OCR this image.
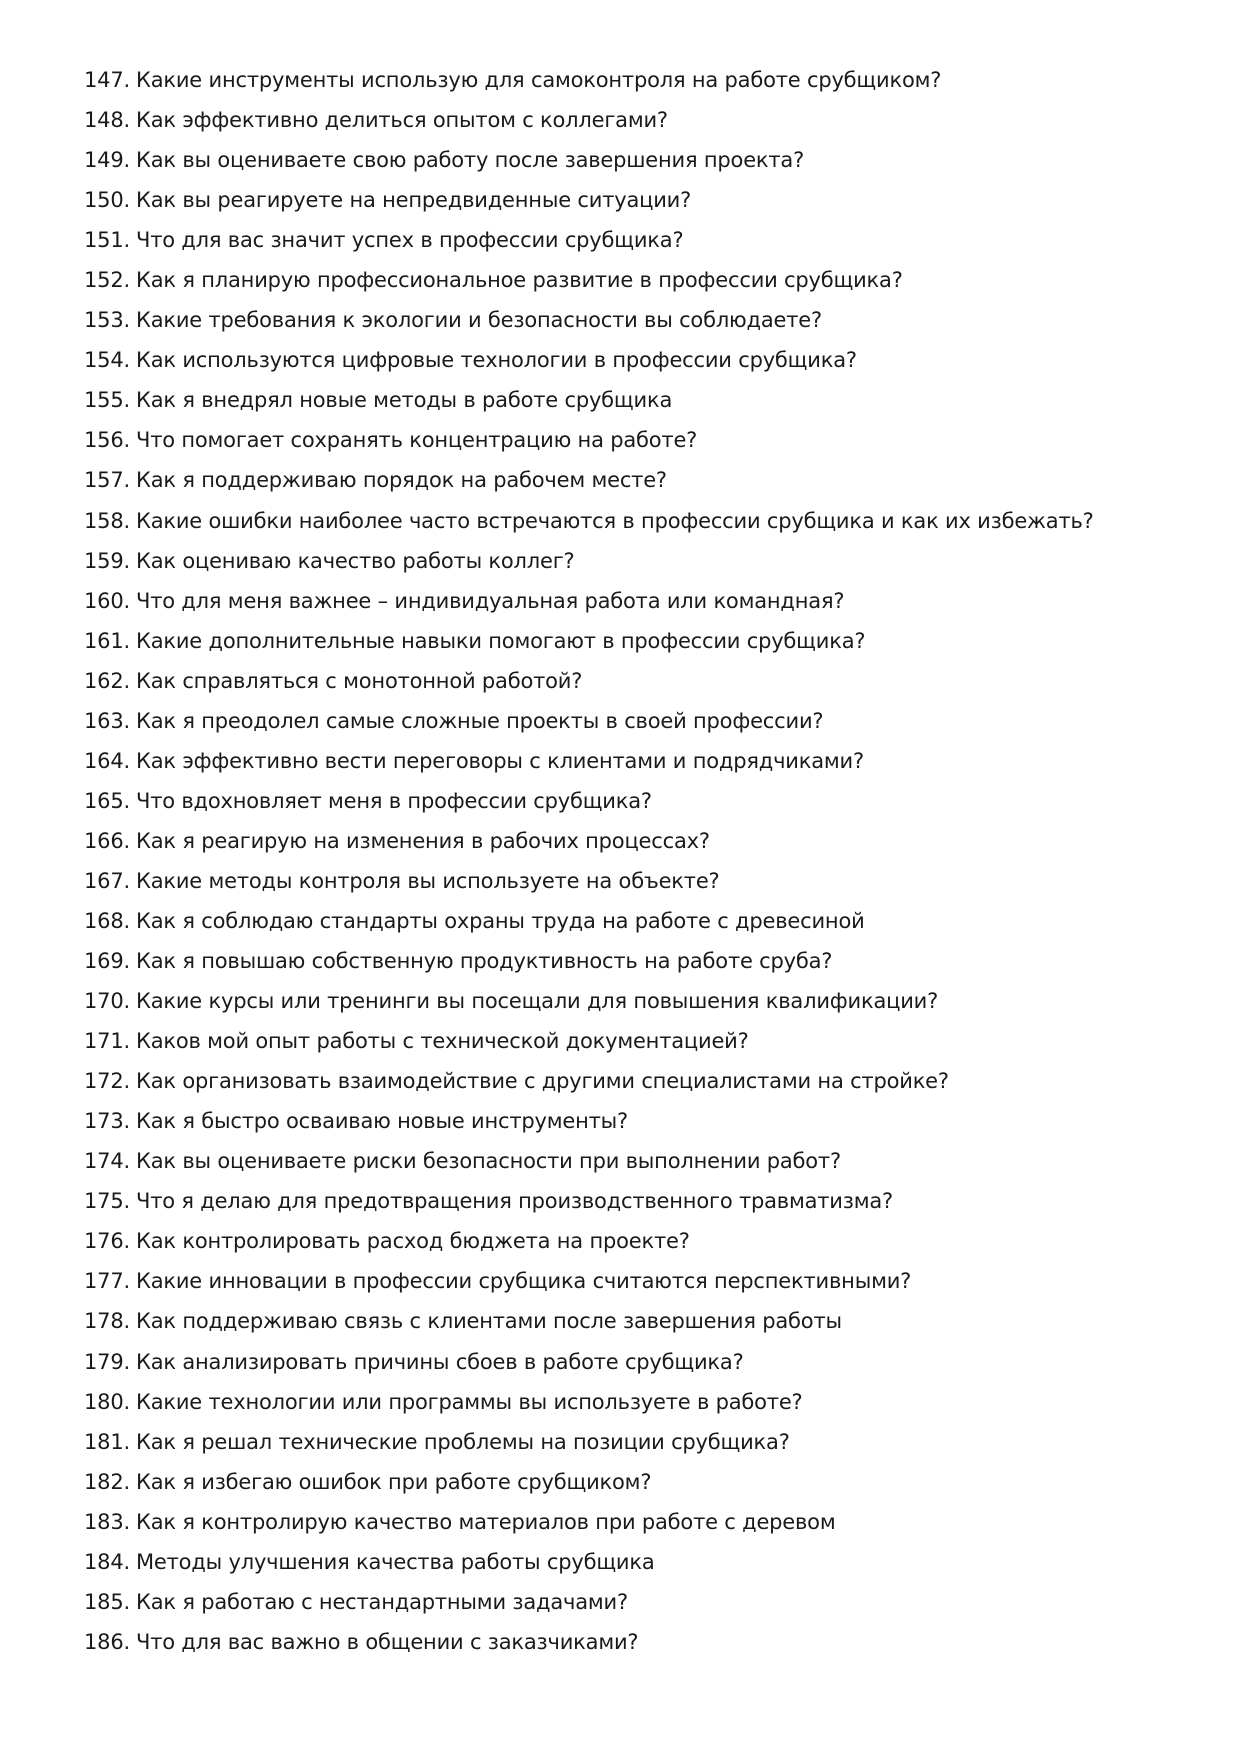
147. Какие инструменты использую для самоконтроля на работе срубщиком?
148. Как эффективно делиться опытом с коллегами?
149. Как вы оцениваете свою работу после завершения проекта?
150. Как вы реагируете на непредвиденные ситуации?
151. Что для вас значит успех в профессии срубщика?
152. Как я планирую профессиональное развитие в профессии срубщика?
153. Какие требования к экологии и безопасности вы соблюдаете?
154. Как используются цифровые технологии в профессии срубщика?
155. Как я внедрял новые методы в работе срубщика
156. Что помогает сохранять концентрацию на работе?
157. Как я поддерживаю порядок на рабочем месте?
158. Какие ошибки наиболее часто встречаются в профессии срубщика и как их избежать?
159. Как оцениваю качество работы коллег?
160. Что для меня важнее – индивидуальная работа или командная?
161. Какие дополнительные навыки помогают в профессии срубщика?
162. Как справляться с монотонной работой?
163. Как я преодолел самые сложные проекты в своей профессии?
164. Как эффективно вести переговоры с клиентами и подрядчиками?
165. Что вдохновляет меня в профессии срубщика?
166. Как я реагирую на изменения в рабочих процессах?
167. Какие методы контроля вы используете на объекте?
168. Как я соблюдаю стандарты охраны труда на работе с древесиной
169. Как я повышаю собственную продуктивность на работе сруба?
170. Какие курсы или тренинги вы посещали для повышения квалификации?
171. Каков мой опыт работы с технической документацией?
172. Как организовать взаимодействие с другими специалистами на стройке?
173. Как я быстро осваиваю новые инструменты?
174. Как вы оцениваете риски безопасности при выполнении работ?
175. Что я делаю для предотвращения производственного травматизма?
176. Как контролировать расход бюджета на проекте?
177. Какие инновации в профессии срубщика считаются перспективными?
178. Как поддерживаю связь с клиентами после завершения работы
179. Как анализировать причины сбоев в работе срубщика?
180. Какие технологии или программы вы используете в работе?
181. Как я решал технические проблемы на позиции срубщика?
182. Как я избегаю ошибок при работе срубщиком?
183. Как я контролирую качество материалов при работе с деревом
184. Методы улучшения качества работы срубщика
185. Как я работаю с нестандартными задачами?
186. Что для вас важно в общении с заказчиками?
